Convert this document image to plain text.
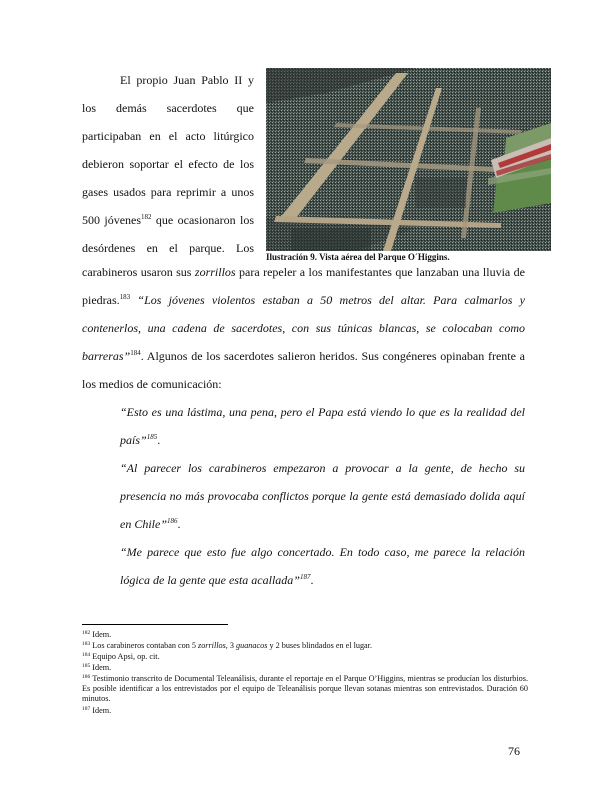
El propio Juan Pablo II y
los demás sacerdotes que
participaban en el acto litúrgico
debieron soportar el efecto de los
gases usados para reprimir a unos
500 jóvenes$^{182}$ que ocasionaron los
desórdenes en el parque. Los
Ilustración 9. Vista aérea del Parque O´Higgins.
carabineros usaron sus zorrillos para repeler a los manifestantes que lanzaban una lluvia de
piedras.$^{183}$ “Los jóvenes violentos estaban a 50 metros del altar. Para calmarlos y
contenerlos, una cadena de sacerdotes, con sus túnicas blancas, se colocaban como
barreras”$^{184}$. Algunos de los sacerdotes salieron heridos. Sus congéneres opinaban frente a
los medios de comunicación:
“Esto es una lástima, una pena, pero el Papa está viendo lo que es la realidad del
país”$^{185}$.
“Al parecer los carabineros empezaron a provocar a la gente, de hecho su
presencia no más provocaba conflictos porque la gente está demasiado dolida aquí
en Chile”$^{186}$.
“Me parece que esto fue algo concertado. En todo caso, me parece la relación
lógica de la gente que esta acallada”$^{187}$.
$^{182}$ Idem.
$^{183}$ Los carabineros contaban con 5 zorrillos, 3 guanacos y 2 buses blindados en el lugar.
$^{184}$ Equipo Apsi, op. cit.
$^{185}$ Idem.
$^{186}$ Testimonio transcrito de Documental Teleanálisis, durante el reportaje en el Parque O’Higgins, mientras se producían los disturbios. Es posible identificar a los entrevistados por el equipo de Teleanálisis porque llevan sotanas mientras son entrevistados. Duración 60 minutos.
$^{187}$ Idem.
76
